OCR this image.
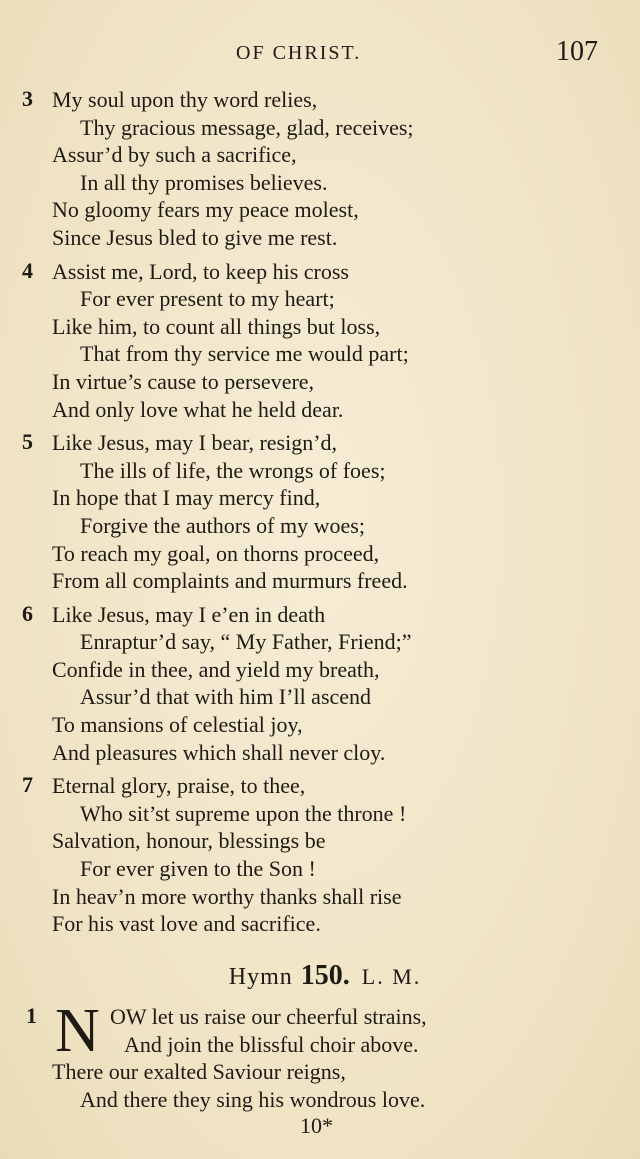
OF CHRIST.	107
3 My soul upon thy word relies,
Thy gracious message, glad, receives;
Assur’d by such a sacrifice,
In all thy promises believes.
No gloomy fears my peace molest,
Since Jesus bled to give me rest.
4 Assist me, Lord, to keep his cross
For ever present to my heart;
Like him, to count all things but loss,
That from thy service me would part;
In virtue’s cause to persevere,
And only love what he held dear.
5 Like Jesus, may I bear, resign’d,
The ills of life, the wrongs of foes;
In hope that I may mercy find,
Forgive the authors of my woes;
To reach my goal, on thorns proceed,
From all complaints and murmurs freed.
6 Like Jesus, may I e’en in death
Enraptur’d say, “ My Father, Friend;”
Confide in thee, and yield my breath,
Assur’d that with him I’ll ascend
To mansions of celestial joy,
And pleasures which shall never cloy.
7 Eternal glory, praise, to thee,
Who sit’st supreme upon the throne !
Salvation, honour, blessings be
For ever given to the Son !
In heav’n more worthy thanks shall rise
For his vast love and sacrifice.
Hymn 150. L. M.
1 N OW let us raise our cheerful strains,
And join the blissful choir above.
There our exalted Saviour reigns,
And there they sing his wondrous love.
10*
